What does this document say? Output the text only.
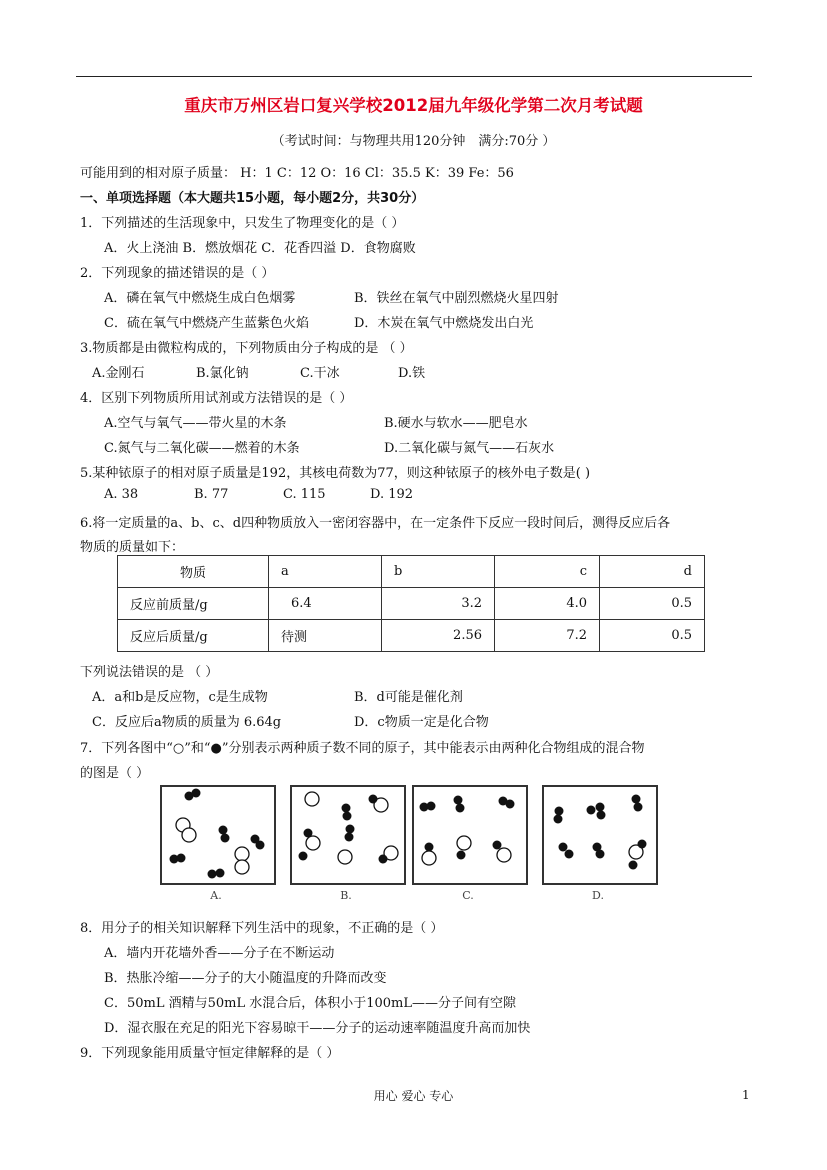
重庆市万州区岩口复兴学校2012届九年级化学第二次月考试题
（考试时间：与物理共用120分钟　满分:70分 ）
可能用到的相对原子质量： H：1 C：12 O：16 Cl：35.5 K：39 Fe：56
一、单项选择题（本大题共15小题，每小题2分，共30分）
1．下列描述的生活现象中，只发生了物理变化的是（ ）
A．火上浇油 B．燃放烟花 C．花香四溢 D．食物腐败
2．下列现象的描述错误的是（ ）
A．磷在氧气中燃烧生成白色烟雾	B．铁丝在氧气中剧烈燃烧火星四射
C．硫在氧气中燃烧产生蓝紫色火焰	D．木炭在氧气中燃烧发出白光
3.物质都是由微粒构成的，下列物质由分子构成的是 （ ）
A.金刚石	B.氯化钠	C.干冰	D.铁
4．区别下列物质所用试剂或方法错误的是（ ）
A.空气与氧气——带火星的木条	B.硬水与软水——肥皂水
C.氮气与二氧化碳——燃着的木条	D.二氧化碳与氮气——石灰水
5.某种铱原子的相对原子质量是192，其核电荷数为77，则这种铱原子的核外电子数是( )
A. 38	B. 77	C. 115	D. 192
6.将一定质量的a、b、c、d四种物质放入一密闭容器中，在一定条件下反应一段时间后，测得反应后各
物质的质量如下：
物质	a	b	c	d
反应前质量/g	6.4	3.2	4.0	0.5
反应后质量/g	待测	2.56	7.2	0.5
下列说法错误的是 （ ）
A．a和b是反应物，c是生成物	B．d可能是催化剂
C．反应后a物质的质量为 6.64g	D．c物质一定是化合物
7．下列各图中“○”和“●”分别表示两种质子数不同的原子，其中能表示由两种化合物组成的混合物
的图是（ ）
A.	B.	C.	D.
8．用分子的相关知识解释下列生活中的现象，不正确的是（ ）
A．墙内开花墙外香——分子在不断运动
B．热胀冷缩——分子的大小随温度的升降而改变
C．50mL 酒精与50mL 水混合后，体积小于100mL——分子间有空隙
D．湿衣服在充足的阳光下容易晾干——分子的运动速率随温度升高而加快
9．下列现象能用质量守恒定律解释的是（ ）
用心 爱心 专心	1
